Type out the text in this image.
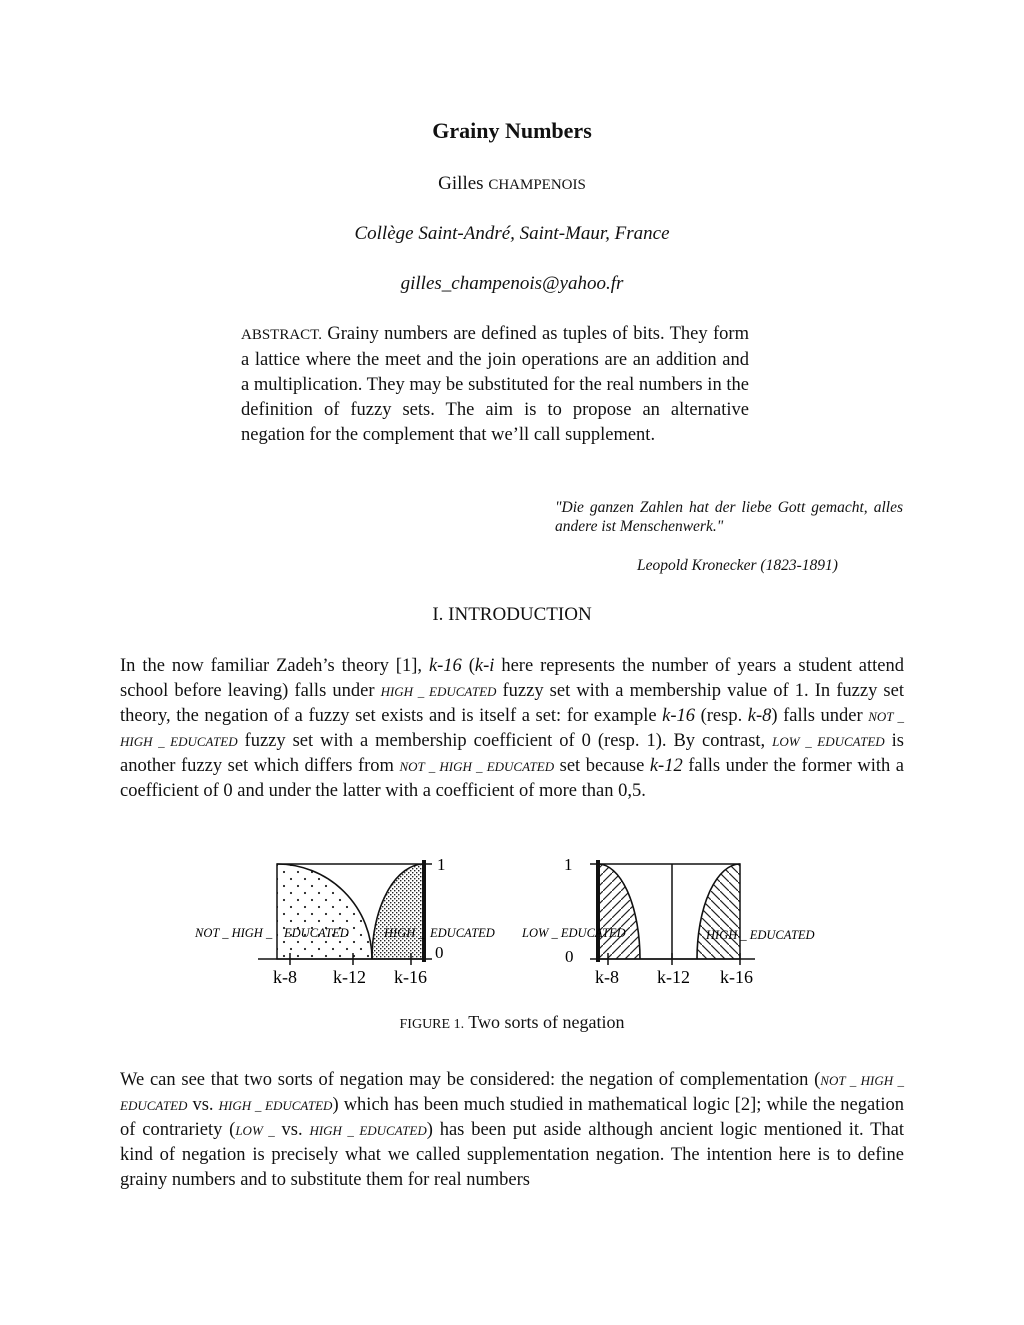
Grainy Numbers
Gilles CHAMPENOIS
Collège Saint-André, Saint-Maur, France
gilles_champenois@yahoo.fr
ABSTRACT. Grainy numbers are defined as tuples of bits. They form a lattice where the meet and the join operations are an addition and a multiplication. They may be substituted for the real numbers in the definition of fuzzy sets. The aim is to propose an alternative negation for the complement that we’ll call supplement.
"Die ganzen Zahlen hat der liebe Gott gemacht, alles andere ist Menschenwerk."
Leopold Kronecker (1823-1891)
I. INTRODUCTION
In the now familiar Zadeh’s theory [1], k-16 (k-i here represents the number of years a student attend school before leaving) falls under HIGH _ EDUCATED fuzzy set with a membership value of 1. In fuzzy set theory, the negation of a fuzzy set exists and is itself a set: for example k-16 (resp. k-8) falls under NOT _ HIGH _ EDUCATED fuzzy set with a membership coefficient of 0 (resp. 1). By contrast, LOW _ EDUCATED is another fuzzy set which differs from NOT _ HIGH _ EDUCATED set because k-12 falls under the former with a coefficient of 0 and under the latter with a coefficient of more than 0,5.
1
0
NOT _ HIGH _ EDUCATED	HIGH _ EDUCATED
k-8 k-12 k-16
1
0
LOW _ EDUCATED	HIGH _ EDUCATED
k-8 k-12 k-16
FIGURE 1. Two sorts of negation
We can see that two sorts of negation may be considered: the negation of complementation (NOT _ HIGH _ EDUCATED vs. HIGH _ EDUCATED) which has been much studied in mathematical logic [2]; while the negation of contrariety (LOW _ vs. HIGH _ EDUCATED) has been put aside although ancient logic mentioned it. That kind of negation is precisely what we called supplementation negation. The intention here is to define grainy numbers and to substitute them for real numbers
